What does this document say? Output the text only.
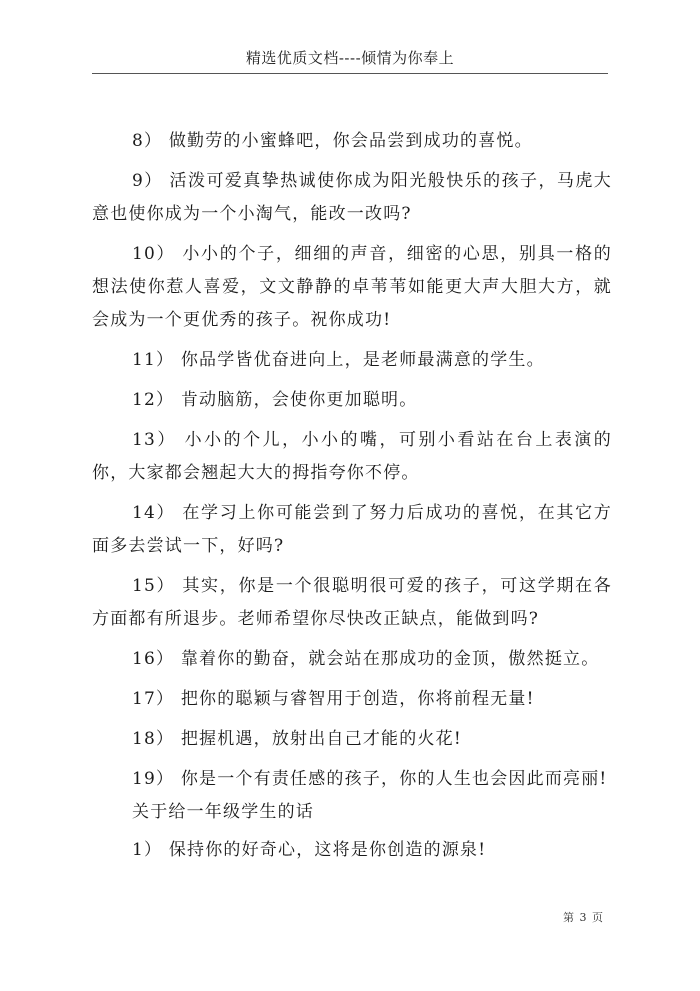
精选优质文档----倾情为你奉上

8） 做勤劳的小蜜蜂吧，你会品尝到成功的喜悦。

9） 活泼可爱真挚热诚使你成为阳光般快乐的孩子，马虎大意也使你成为一个小淘气，能改一改吗?

10） 小小的个子，细细的声音，细密的心思，别具一格的想法使你惹人喜爱，文文静静的卓苇苇如能更大声大胆大方，就会成为一个更优秀的孩子。祝你成功!

11） 你品学皆优奋进向上，是老师最满意的学生。

12） 肯动脑筋，会使你更加聪明。

13） 小小的个儿，小小的嘴，可别小看站在台上表演的你，大家都会翘起大大的拇指夸你不停。

14） 在学习上你可能尝到了努力后成功的喜悦，在其它方面多去尝试一下，好吗?

15） 其实，你是一个很聪明很可爱的孩子，可这学期在各方面都有所退步。老师希望你尽快改正缺点，能做到吗?

16） 靠着你的勤奋，就会站在那成功的金顶，傲然挺立。

17） 把你的聪颖与睿智用于创造，你将前程无量!

18） 把握机遇，放射出自己才能的火花!

19） 你是一个有责任感的孩子，你的人生也会因此而亮丽!

关于给一年级学生的话

1） 保持你的好奇心，这将是你创造的源泉!

第 3 页
